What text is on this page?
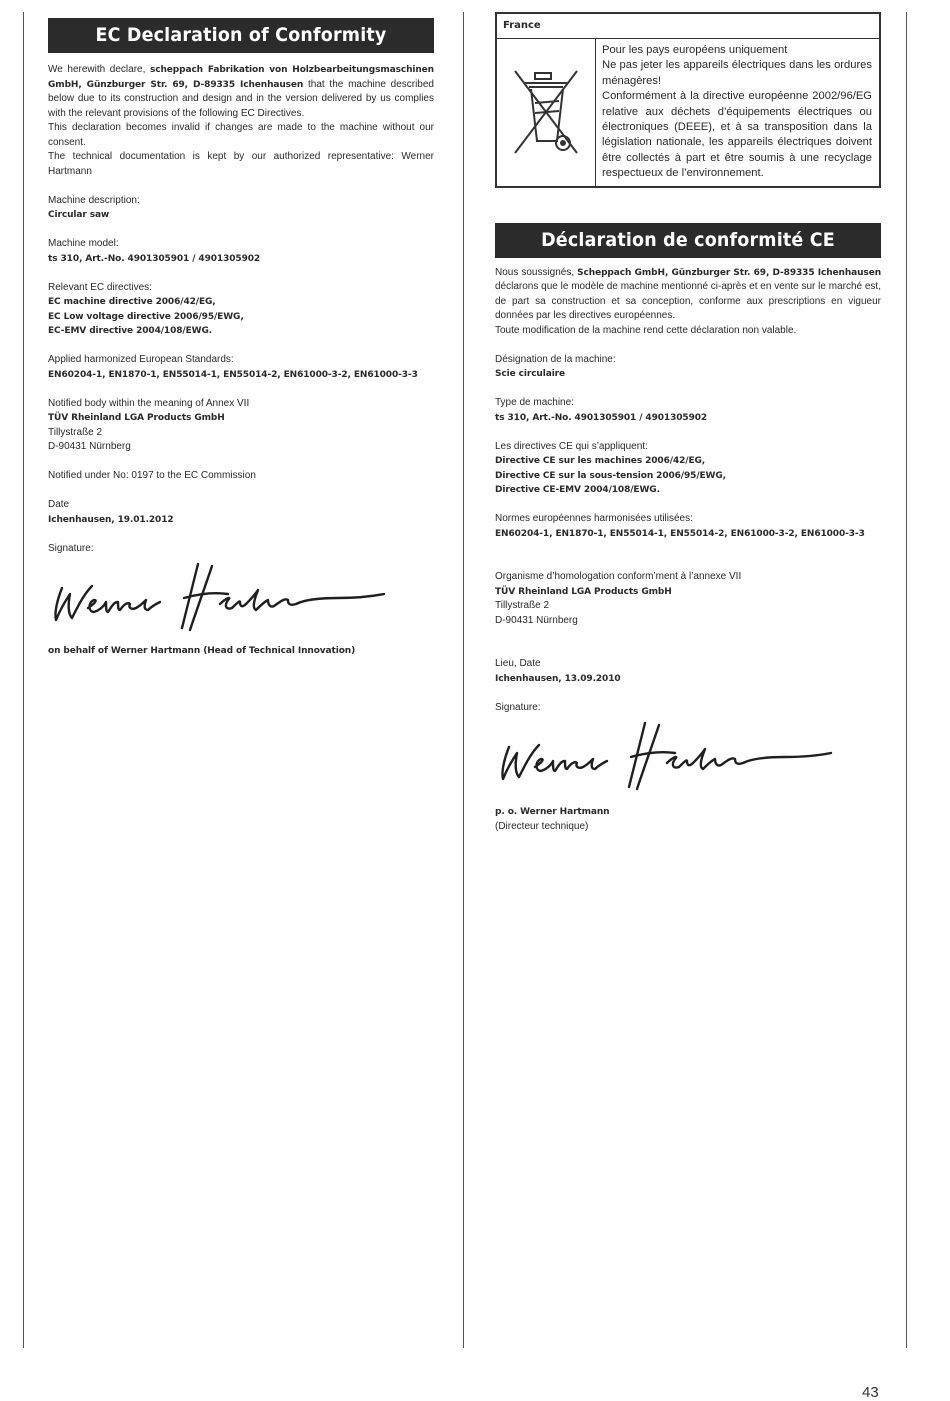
EC Declaration of Conformity
We herewith declare, scheppach Fabrikation von Holzbearbeitungsmaschinen GmbH, Günzburger Str. 69, D-89335 Ichenhausen that the machine described below due to its construction and design and in the version delivered by us complies with the relevant provisions of the following EC Directives.
This declaration becomes invalid if changes are made to the machine without our consent.
The technical documentation is kept by our authorized representative: Werner Hartmann
Machine description:
Circular saw
Machine model:
ts 310, Art.-No. 4901305901 / 4901305902
Relevant EC directives:
EC machine directive 2006/42/EG,
EC Low voltage directive 2006/95/EWG,
EC-EMV directive 2004/108/EWG.
Applied harmonized European Standards:
EN60204-1, EN1870-1, EN55014-1, EN55014-2, EN61000-3-2, EN61000-3-3
Notified body within the meaning of Annex VII
TÜV Rheinland LGA Products GmbH
Tillystraße 2
D-90431 Nürnberg
Notified under No: 0197 to the EC Commission
Date
Ichenhausen, 19.01.2012
Signature:
on behalf of Werner Hartmann (Head of Technical Innovation)
France
Pour les pays européens uniquement
Ne pas jeter les appareils électriques dans les ordures ménagères!
Conformément à la directive européenne 2002/96/EG relative aux déchets d’équipements électriques ou électroniques (DEEE), et à sa transposition dans la législation nationale, les appareils électriques doivent être collectés à part et être soumis à une recyclage respectueux de l’environnement.
Déclaration de conformité CE
Nous soussignés, Scheppach GmbH, Günzburger Str. 69, D-89335 Ichenhausen déclarons que le modèle de machine mentionné ci-après et en vente sur le marché est, de part sa construction et sa conception, conforme aux prescriptions en vigueur données par les directives européennes.
Toute modification de la machine rend cette déclaration non valable.
Désignation de la machine:
Scie circulaire
Type de machine:
ts 310, Art.-No. 4901305901 / 4901305902
Les directives CE qui s’appliquent:
Directive CE sur les machines 2006/42/EG,
Directive CE sur la sous-tension 2006/95/EWG,
Directive CE-EMV 2004/108/EWG.
Normes européennes harmonisées utilisées:
EN60204-1, EN1870-1, EN55014-1, EN55014-2, EN61000-3-2, EN61000-3-3
Organisme d’homologation conform’ment à l’annexe VII
TÜV Rheinland LGA Products GmbH
Tillystraße 2
D-90431 Nürnberg
Lieu, Date
Ichenhausen, 13.09.2010
Signature:
p. o. Werner Hartmann
(Directeur technique)
43
